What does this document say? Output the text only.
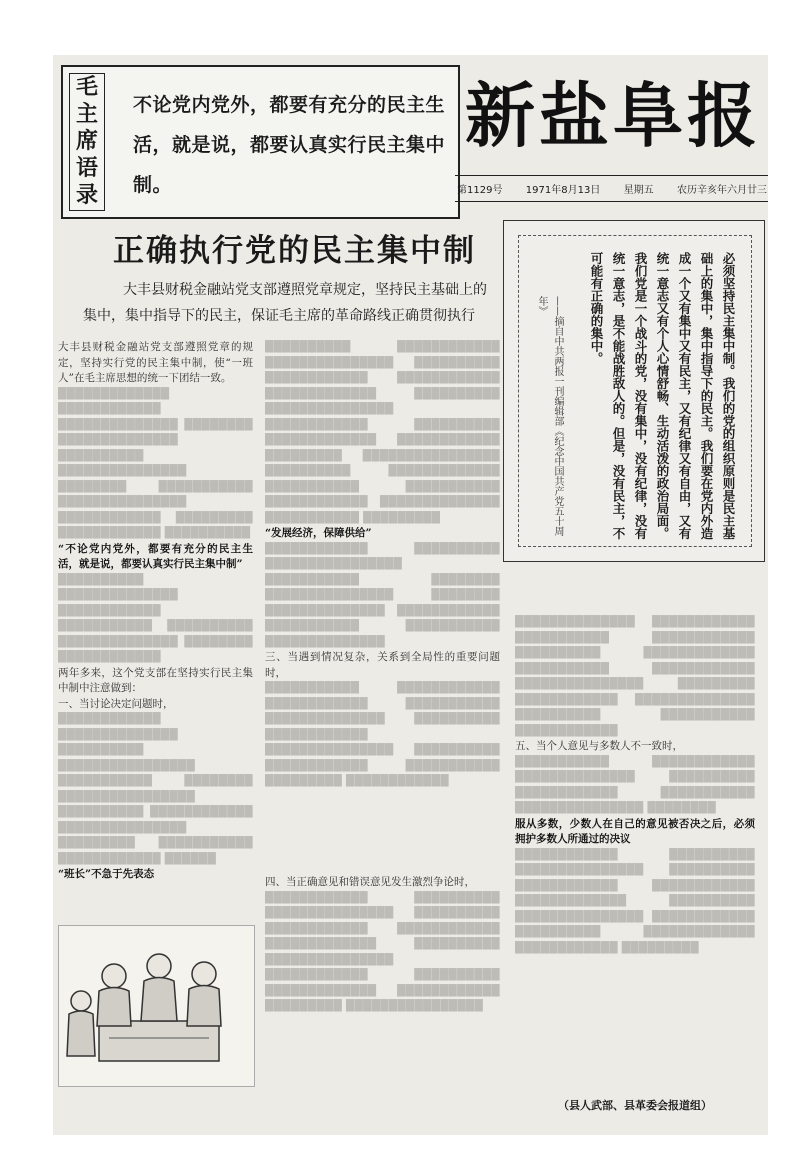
毛
主
席
语
录
不论党内党外，都要有充分的民主生活，就是说，都要认真实行民主集中制。
新盐阜报
第1129号 1971年8月13日 星期五 农历辛亥年六月廿三
正确执行党的民主集中制
大丰县财税金融站党支部遵照党章规定，坚持民主基础上的
集中，集中指导下的民主，保证毛主席的革命路线正确贯彻执行	必须坚持民主集中制。我们的党的组织原则是民主基础上的集中，集中指导下的民主。我们要在党内外造成一个又有集中又有民主，又有纪律又有自由，又有统一意志又有个人心情舒畅、生动活泼的政治局面。我们党是一个战斗的党，没有集中，没有纪律，没有统一意志，是不能战胜敌人的。但是，没有民主，不可能有正确的集中。
——摘自中共两报一刊编辑部《纪念中国共产党五十周年》
大丰县财税金融站党支部遵照党章的规定，坚持实行党的民主集中制，使“一班人”在毛主席思想的统一下团结一致。
█████████████ ████████████ ██████████████ ████████ ██████████████ ██████████ ███████████████ ████████ ███████████ ███████████████ ████████████ █████████ ████████████ ██████████
“不论党内党外，都要有充分的民主生活，就是说，都要认真实行民主集中制”
██████████ ██████████████ ████████████ ███████████ ██████████ ██████████████ ████████ ████████████
两年多来，这个党支部在坚持实行民主集中制中注意做到：
一、当讨论决定问题时，
████████████ ██████████████ ██████████ ████████████████ ███████████ ████████ ████████████████ ██████████ ████████████ ███████████████ █████████ ███████████ ████████████ ██████
“班长”不急于先表态
██████████ ████████████ ███████████████ ██████████ ████████████ ████████████ █████████████ ██████████ ███████████████ ████████████ ██████████ █████████████ ████████████ █████████ ████████████████ ██████████ █████████████ ███████████ ███████████ ████████████ ██████████████ ███████████ █████████
“发展经济，保障供给”
████████████ ██████████ ████████████████ ███████████ ████████ ███████████████ ████████ ██████████████ ████████████ ███████████ ███████████ ██████████████
三、当遇到情况复杂，关系到全局性的重要问题时，
███████████ ████████████ ████████████ ███████████ ██████████████ ██████████ ████████████ ███████████████ ██████████ ████████████ ███████████ █████████ ████████████
四、当正确意见和错误意见发生激烈争论时，
████████████ ██████████ ███████████████ ██████████ ████████████ ████████████ █████████████ ██████████ ███████████████ ████████████ ██████████ █████████████ ████████████ █████████ ████████████████
██████████████ ████████████ ███████████ ████████████ ██████████ █████████████ ███████████ ████████████ ███████████████ █████████ ████████████ ██████████████ ██████████ ███████████ ████████████
五、当个人意见与多数人不一致时，
███████████ ████████████ ██████████████ ██████████ ████████████ ███████████ ███████████████ ████████
服从多数，少数人在自己的意见被否决之后，必须拥护多数人所通过的决议
████████████ ██████████ ███████████████ ██████████ ████████████ ████████████ █████████████ ██████████ ███████████████ ████████████ ██████████ █████████████ ████████████ █████████
（县人武部、县革委会报道组）
